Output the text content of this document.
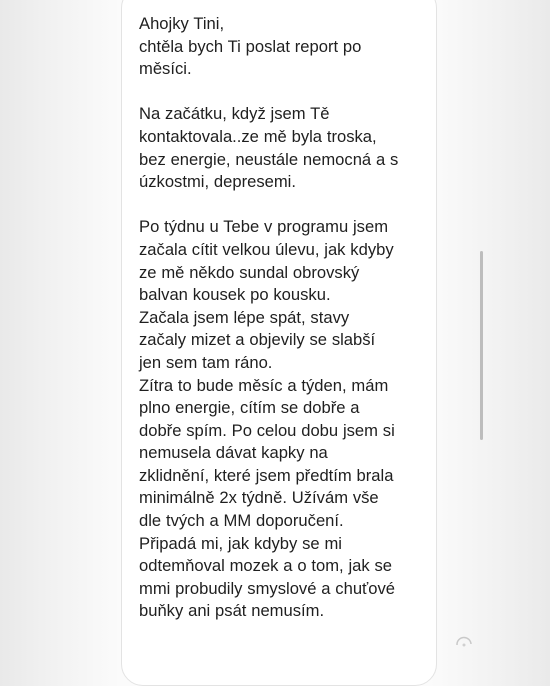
Ahojky Tini,
chtěla bych Ti poslat report po
měsíci.

Na začátku, když jsem Tě
kontaktovala..ze mě byla troska,
bez energie, neustále nemocná a s
úzkostmi, depresemi.

Po týdnu u Tebe v programu jsem
začala cítit velkou úlevu, jak kdyby
ze mě někdo sundal obrovský
balvan kousek po kousku.
Začala jsem lépe spát, stavy
začaly mizet a objevily se slabší
jen sem tam ráno.
Zítra to bude měsíc a týden, mám
plno energie, cítím se dobře a
dobře spím. Po celou dobu jsem si
nemusela dávat kapky na
zklidnění, které jsem předtím brala
minimálně 2x týdně. Užívám vše
dle tvých a MM doporučení.
Připadá mi, jak kdyby se mi
odtemňoval mozek a o tom, jak se
mmi probudily smyslové a chuťové
buňky ani psát nemusím.
